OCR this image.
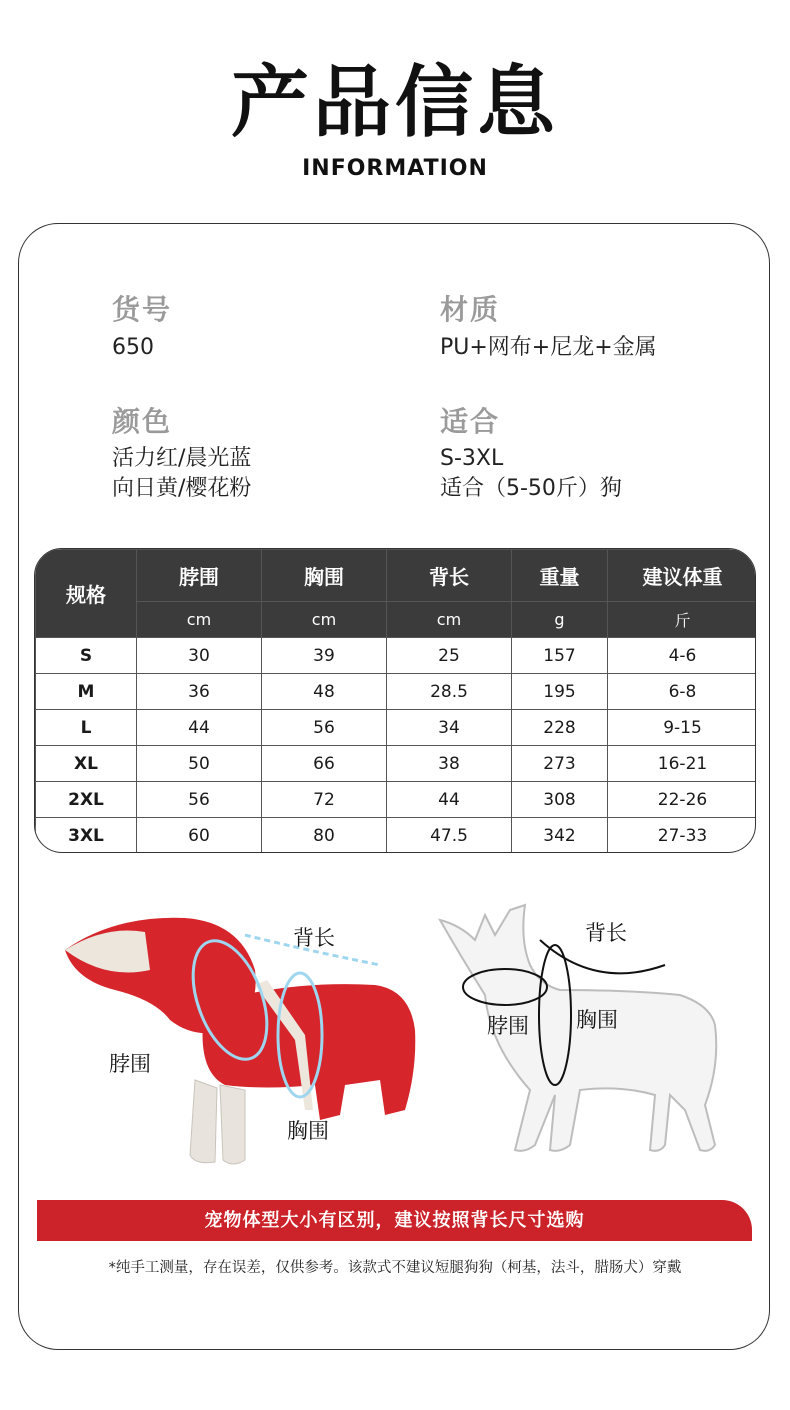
产品信息
INFORMATION
货号
650
材质
PU+网布+尼龙+金属
颜色
活力红/晨光蓝
向日黄/樱花粉
适合
S-3XL
适合（5-50斤）狗
规格	脖围	胸围	背长	重量	建议体重
	cm	cm	cm	g	斤
S	30	39	25	157	4-6
M	36	48	28.5	195	6-8
L	44	56	34	228	9-15
XL	50	66	38	273	16-21
2XL	56	72	44	308	22-26
3XL	60	80	47.5	342	27-33
背长
脖围
胸围
背长
脖围 胸围
宠物体型大小有区别，建议按照背长尺寸选购
*纯手工测量，存在误差，仅供参考。该款式不建议短腿狗狗（柯基，法斗，腊肠犬）穿戴
